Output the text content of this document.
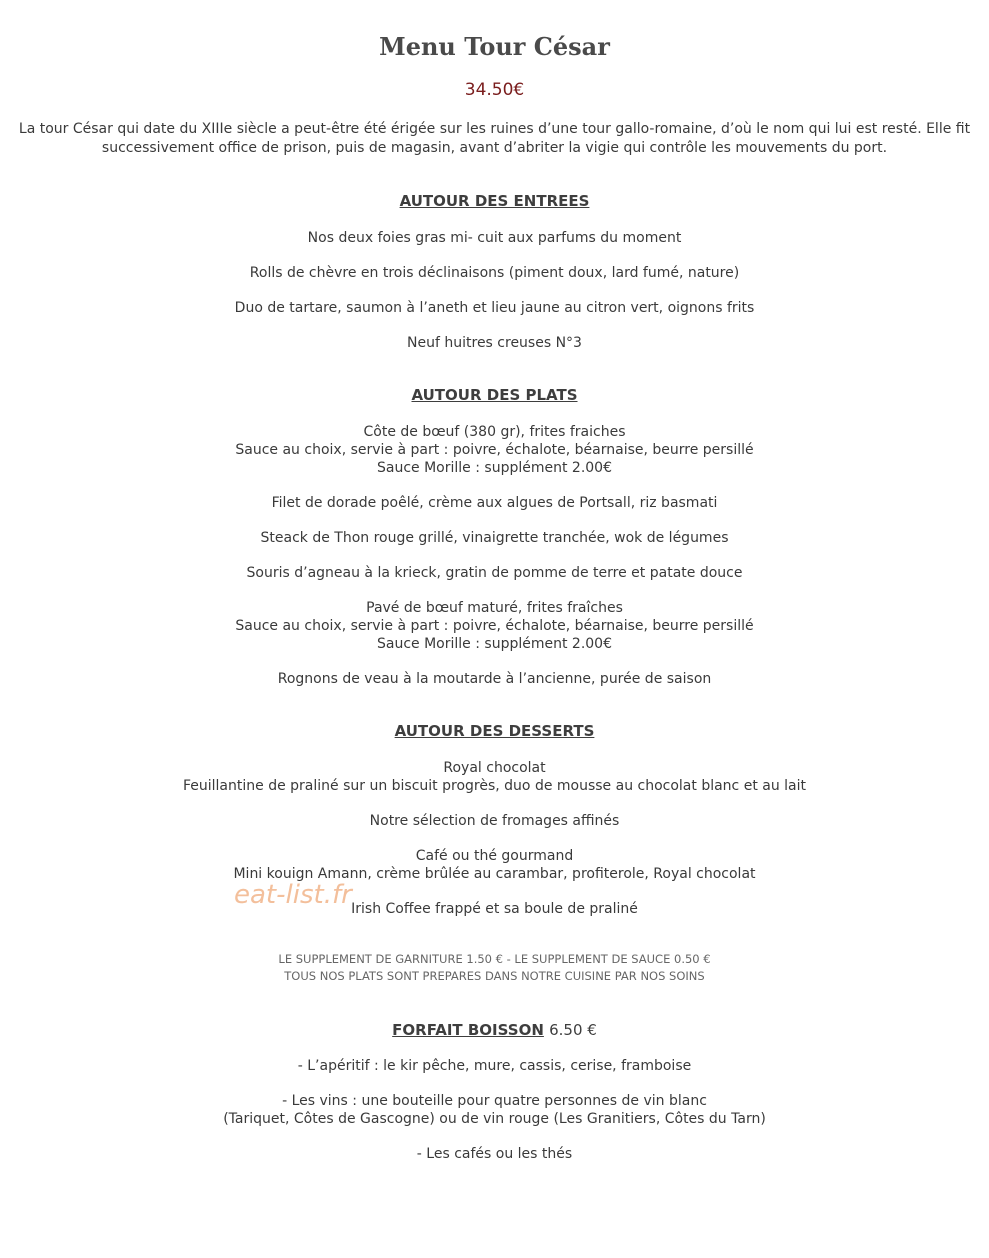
Menu Tour César
34.50€

La tour César qui date du XIIIe siècle a peut-être été érigée sur les ruines d’une tour gallo-romaine, d’où le nom qui lui est resté. Elle fit

successivement office de prison, puis de magasin, avant d’abriter la vigie qui contrôle les mouvements du port.

AUTOUR DES ENTREES
Nos deux foies gras mi- cuit aux parfums du moment
Rolls de chèvre en trois déclinaisons (piment doux, lard fumé, nature)
Duo de tartare, saumon à l’aneth et lieu jaune au citron vert, oignons frits
Neuf huitres creuses N°3
AUTOUR DES PLATS
Côte de bœuf (380 gr), frites fraiches
Sauce au choix, servie à part : poivre, échalote, béarnaise, beurre persillé
Sauce Morille : supplément 2.00€
Filet de dorade poêlé, crème aux algues de Portsall, riz basmati
Steack de Thon rouge grillé, vinaigrette tranchée, wok de légumes
Souris d’agneau à la krieck, gratin de pomme de terre et patate douce
Pavé de bœuf maturé, frites fraîches
Sauce au choix, servie à part : poivre, échalote, béarnaise, beurre persillé
Sauce Morille : supplément 2.00€
Rognons de veau à la moutarde à l’ancienne, purée de saison
AUTOUR DES DESSERTS
Royal chocolat
Feuillantine de praliné sur un biscuit progrès, duo de mousse au chocolat blanc et au lait
Notre sélection de fromages affinés
Café ou thé gourmand
Mini kouign Amann, crème brûlée au carambar, profiterole, Royal chocolat
Irish Coffee frappé et sa boule de praliné
eat-list.fr
LE SUPPLEMENT DE GARNITURE 1.50 € - LE SUPPLEMENT DE SAUCE 0.50 €
TOUS NOS PLATS SONT PREPARES DANS NOTRE CUISINE PAR NOS SOINS
FORFAIT BOISSON 6.50 €
- L’apéritif : le kir pêche, mure, cassis, cerise, framboise
- Les vins : une bouteille pour quatre personnes de vin blanc
(Tariquet, Côtes de Gascogne) ou de vin rouge (Les Granitiers, Côtes du Tarn)
- Les cafés ou les thés
